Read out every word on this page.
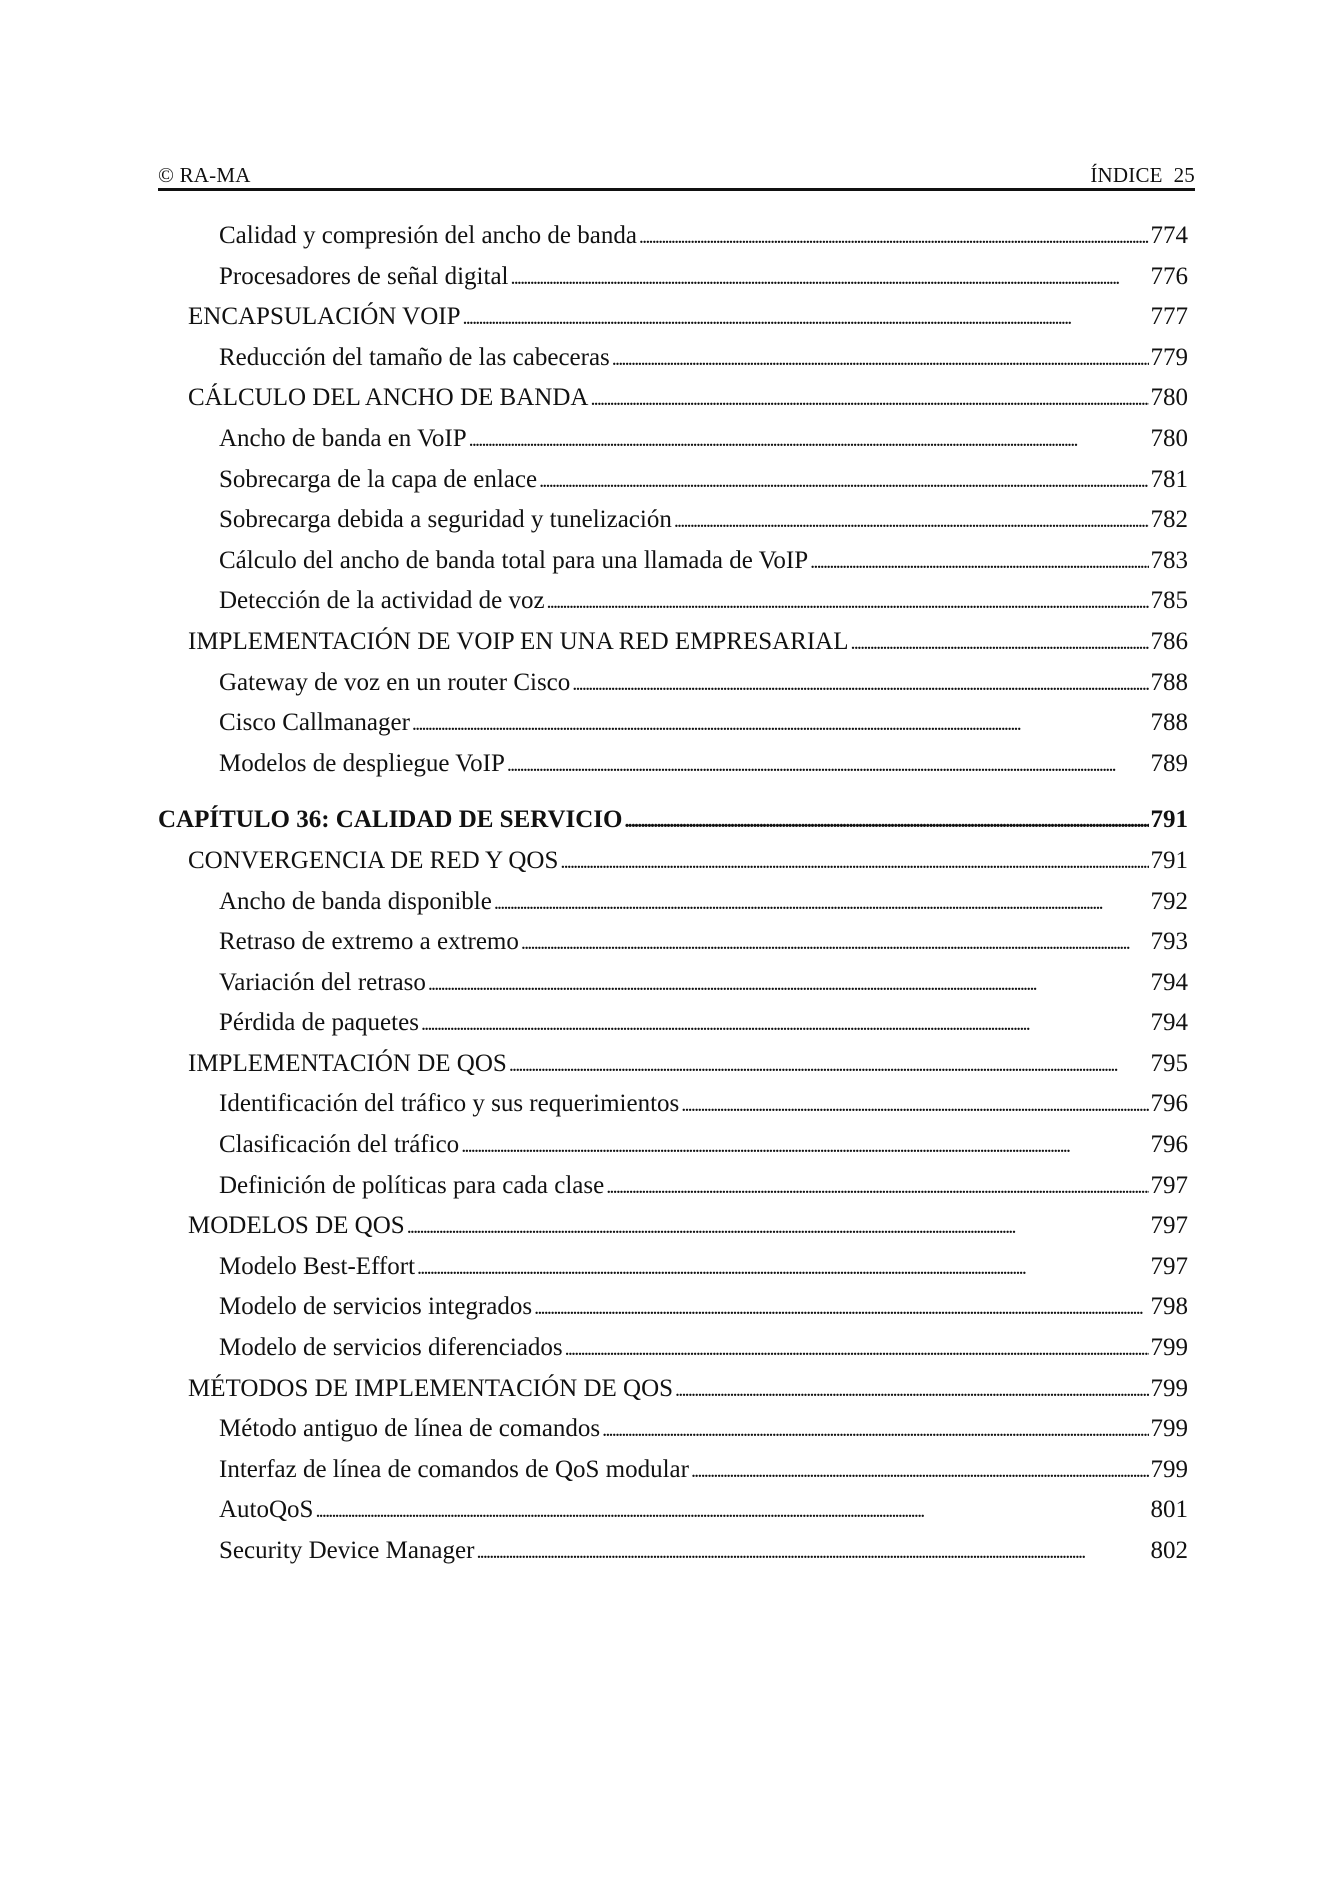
© RA-MA	ÍNDICE  25
Calidad y compresión del ancho de banda . . .	774
Procesadores de señal digital . . .	776
ENCAPSULACIÓN VOIP . . .	777
Reducción del tamaño de las cabeceras . . .	779
CÁLCULO DEL ANCHO DE BANDA . . .	780
Ancho de banda en VoIP . . .	780
Sobrecarga de la capa de enlace . . .	781
Sobrecarga debida a seguridad y tunelización . . .	782
Cálculo del ancho de banda total para una llamada de VoIP . . .	783
Detección de la actividad de voz . . .	785
IMPLEMENTACIÓN DE VOIP EN UNA RED EMPRESARIAL . . .	786
Gateway de voz en un router Cisco . . .	788
Cisco Callmanager . . .	788
Modelos de despliegue VoIP . . .	789
CAPÍTULO 36: CALIDAD DE SERVICIO . . .	791
CONVERGENCIA DE RED Y QOS . . .	791
Ancho de banda disponible . . .	792
Retraso de extremo a extremo . . .	793
Variación del retraso . . .	794
Pérdida de paquetes . . .	794
IMPLEMENTACIÓN DE QOS . . .	795
Identificación del tráfico y sus requerimientos . . .	796
Clasificación del tráfico . . .	796
Definición de políticas para cada clase . . .	797
MODELOS DE QOS . . .	797
Modelo Best-Effort . . .	797
Modelo de servicios integrados . . .	798
Modelo de servicios diferenciados . . .	799
MÉTODOS DE IMPLEMENTACIÓN DE QOS . . .	799
Método antiguo de línea de comandos . . .	799
Interfaz de línea de comandos de QoS modular . . .	799
AutoQoS . . .	801
Security Device Manager . . .	802
